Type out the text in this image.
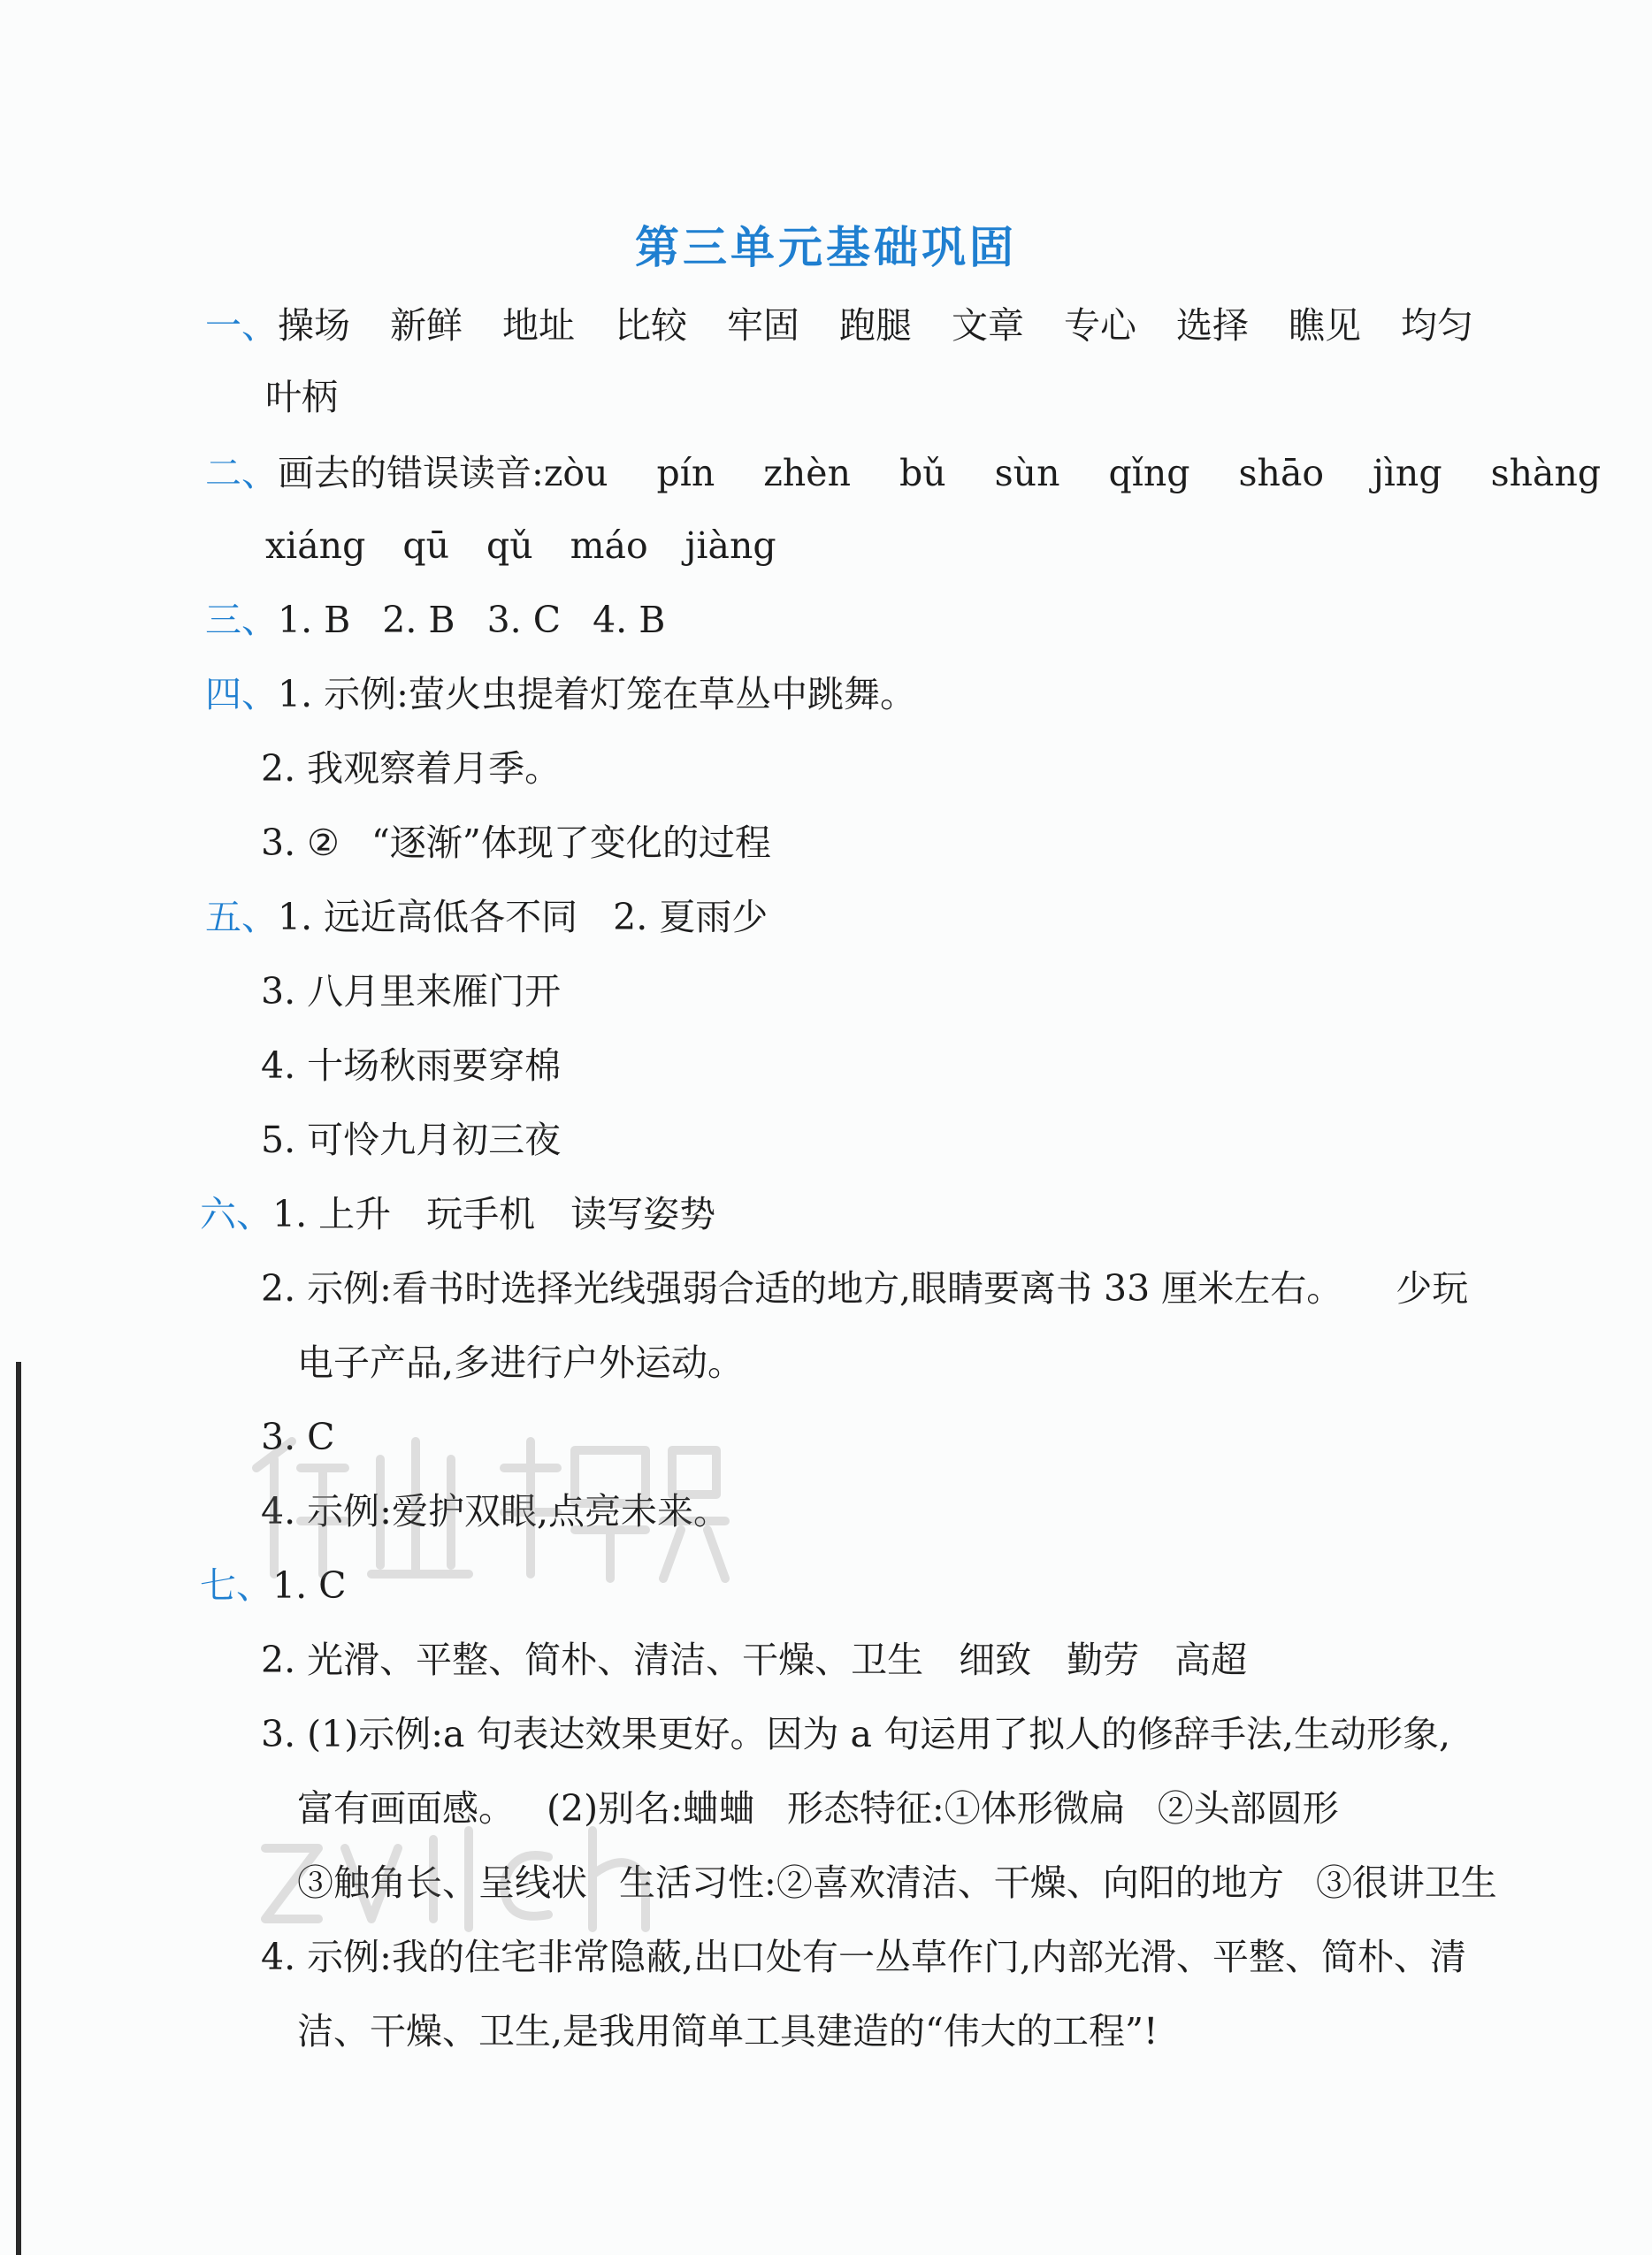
第三单元基础巩固
一、操场 新鲜 地址 比较 牢固 跑腿 文章 专心 选择 瞧见 均匀
叶柄
二、画去的错误读音:zòu pín zhèn bǔ sùn qǐng shāo jìng shàng
xiáng qū qǔ máo jiàng
三、1. B 2. B 3. C 4. B
四、1. 示例:萤火虫提着灯笼在草丛中跳舞。
2. 我观察着月季。
3. ② “逐渐”体现了变化的过程
五、1. 远近高低各不同 2. 夏雨少
3. 八月里来雁门开
4. 十场秋雨要穿棉
5. 可怜九月初三夜
六、1. 上升 玩手机 读写姿势
2. 示例:看书时选择光线强弱合适的地方,眼睛要离书 33 厘米左右。 少玩
电子产品,多进行户外运动。
3. C
4. 示例:爱护双眼,点亮未来。
七、1. C
2. 光滑、平整、简朴、清洁、干燥、卫生 细致 勤劳 高超
3. (1)示例:a 句表达效果更好。因为 a 句运用了拟人的修辞手法,生动形象,
富有画面感。 (2)别名:蛐蛐 形态特征:①体形微扁 ②头部圆形
③触角长、呈线状 生活习性:②喜欢清洁、干燥、向阳的地方 ③很讲卫生
4. 示例:我的住宅非常隐蔽,出口处有一丛草作门,内部光滑、平整、简朴、清
洁、干燥、卫生,是我用简单工具建造的“伟大的工程”!
